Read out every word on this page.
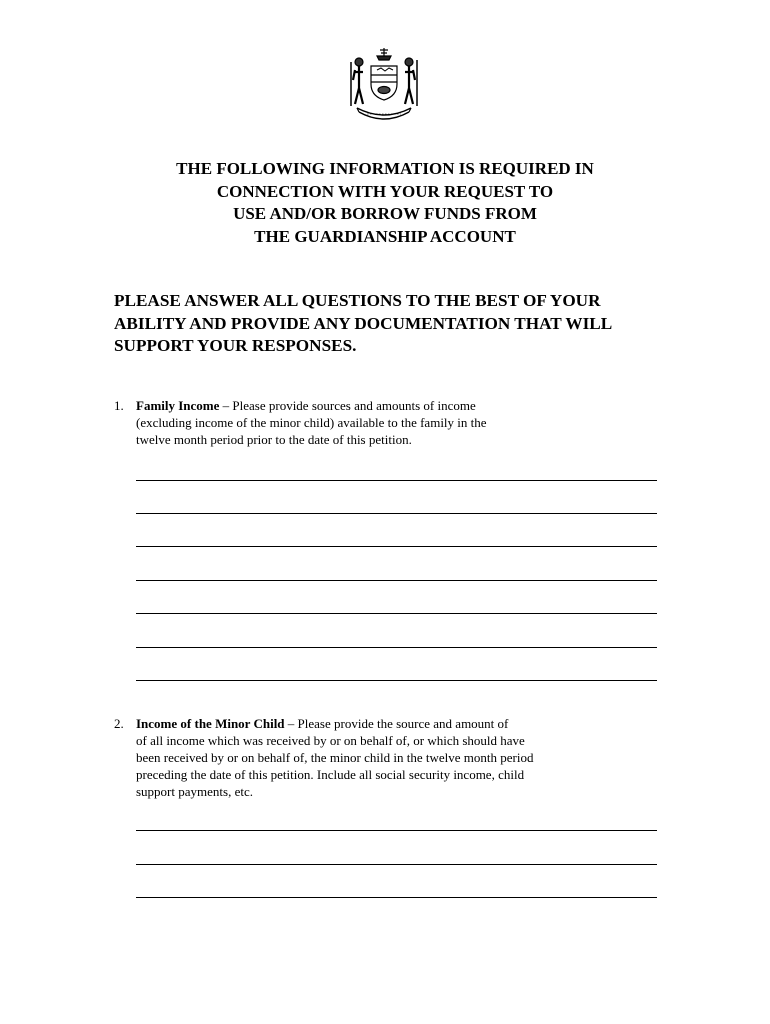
THE FOLLOWING INFORMATION IS REQUIRED IN
CONNECTION WITH YOUR REQUEST TO
USE AND/OR BORROW FUNDS FROM
THE GUARDIANSHIP ACCOUNT
PLEASE ANSWER ALL QUESTIONS TO THE BEST OF YOUR
ABILITY AND PROVIDE ANY DOCUMENTATION THAT WILL
SUPPORT YOUR RESPONSES.
1. Family Income – Please provide sources and amounts of income
(excluding income of the minor child) available to the family in the
twelve month period prior to the date of this petition.
2. Income of the Minor Child – Please provide the source and amount of
of all income which was received by or on behalf of, or which should have
been received by or on behalf of, the minor child in the twelve month period
preceding the date of this petition. Include all social security income, child
support payments, etc.
